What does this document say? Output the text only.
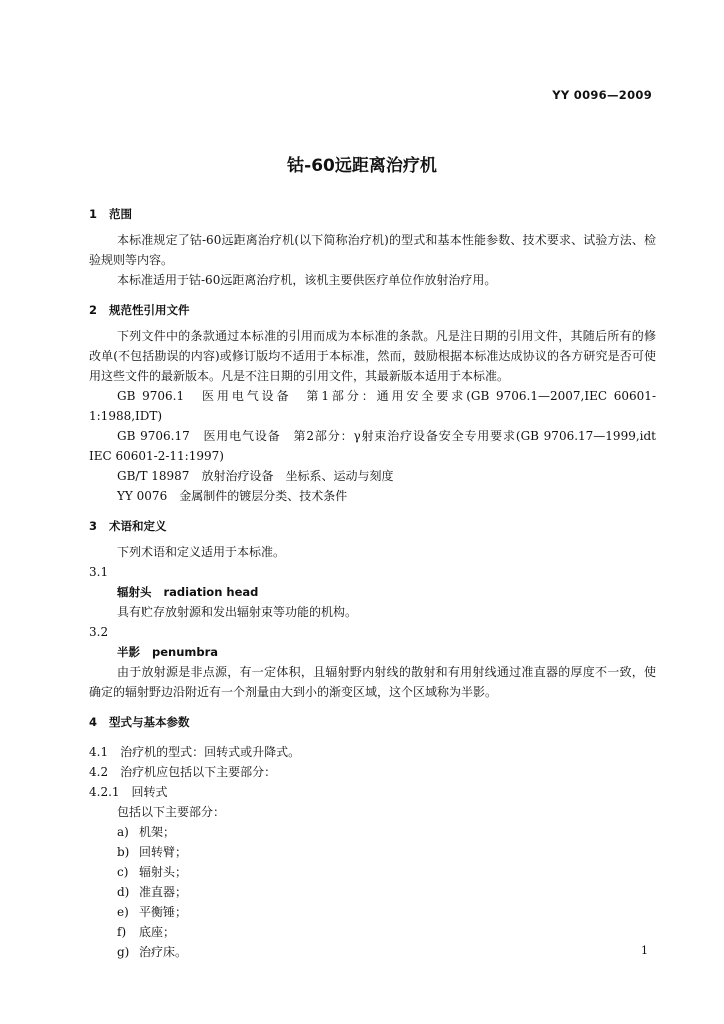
YY 0096—2009
钴-60远距离治疗机

1 范围

本标准规定了钴-60远距离治疗机(以下简称治疗机)的型式和基本性能参数、技术要求、试验方法、检验规则等内容。

本标准适用于钴-60远距离治疗机，该机主要供医疗单位作放射治疗用。

2 规范性引用文件

下列文件中的条款通过本标准的引用而成为本标准的条款。凡是注日期的引用文件，其随后所有的修改单(不包括勘误的内容)或修订版均不适用于本标准，然而，鼓励根据本标准达成协议的各方研究是否可使用这些文件的最新版本。凡是不注日期的引用文件，其最新版本适用于本标准。

GB 9706.1　医用电气设备　第1部分：通用安全要求(GB 9706.1—2007,IEC 60601-1:1988,IDT)

GB 9706.17　医用电气设备　第2部分：γ射束治疗设备安全专用要求(GB 9706.17—1999,idt IEC 60601-2-11:1997)

GB/T 18987　放射治疗设备　坐标系、运动与刻度

YY 0076　金属制件的镀层分类、技术条件

3 术语和定义

下列术语和定义适用于本标准。

3.1

辐射头 radiation head

具有贮存放射源和发出辐射束等功能的机构。

3.2

半影 penumbra

由于放射源是非点源，有一定体积，且辐射野内射线的散射和有用射线通过准直器的厚度不一致，使确定的辐射野边沿附近有一个剂量由大到小的渐变区域，这个区域称为半影。

4 型式与基本参数

4.1　治疗机的型式：回转式或升降式。

4.2　治疗机应包括以下主要部分：

4.2.1　回转式

包括以下主要部分：

a) 机架；

b) 回转臂；

c) 辐射头；

d) 准直器；

e) 平衡锤；

f) 底座；

g) 治疗床。	1
